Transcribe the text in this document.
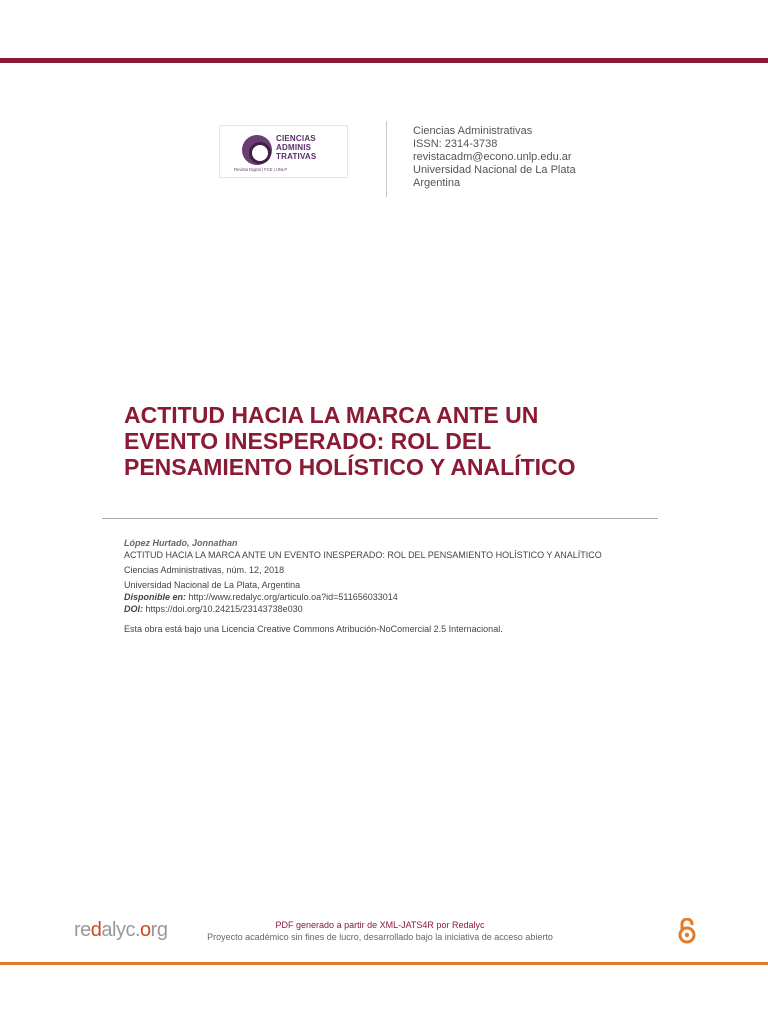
CIENCIAS
ADMINIS
TRATIVAS
Revista Digital | FCE | UNLP
Ciencias Administrativas
ISSN: 2314-3738
revistacadm@econo.unlp.edu.ar
Universidad Nacional de La Plata
Argentina
ACTITUD HACIA LA MARCA ANTE UN EVENTO INESPERADO: ROL DEL PENSAMIENTO HOLÍSTICO Y ANALÍTICO
López Hurtado, Jonnathan
ACTITUD HACIA LA MARCA ANTE UN EVENTO INESPERADO: ROL DEL PENSAMIENTO HOLÍSTICO Y ANALÍTICO
Ciencias Administrativas, núm. 12, 2018
Universidad Nacional de La Plata, Argentina
Disponible en: http://www.redalyc.org/articulo.oa?id=511656033014
DOI: https://doi.org/10.24215/23143738e030
Esta obra está bajo una Licencia Creative Commons Atribución-NoComercial 2.5 Internacional.
redalyc.org	PDF generado a partir de XML-JATS4R por Redalyc
Proyecto académico sin fines de lucro, desarrollado bajo la iniciativa de acceso abierto
